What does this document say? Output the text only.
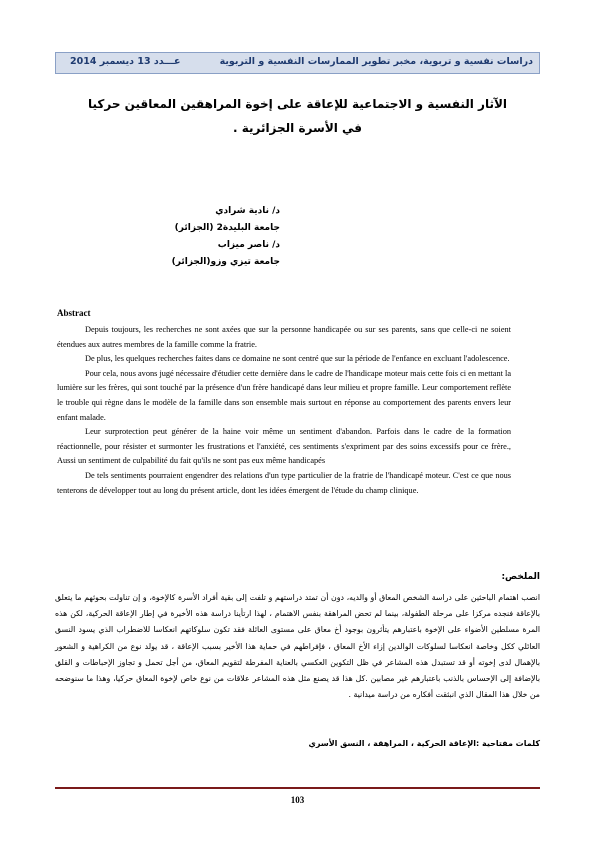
دراسات نفسية و تربوية، مخبر تطوير الممارسات النفسية و التربوية
عـــدد 13 ديسمبر 2014
الآثار النفسية و الاجتماعية للإعاقة على إخوة المراهقين المعاقين حركيا
في الأسرة الجزائرية .
د/ نادية شرادي
جامعة البليدة2 (الجزائر)
د/ ناصر ميزاب
جامعة تيزي وزو(الجزائر)
Abstract

Depuis toujours, les recherches ne sont axées que sur la personne handicapée ou sur ses parents, sans que celle-ci ne soient étendues aux autres membres de la famille comme la fratrie.

De plus, les quelques recherches faites dans ce domaine ne sont centré que sur la période de l'enfance en excluant l'adolescence.

Pour cela, nous avons jugé nécessaire d'étudier cette dernière dans le cadre de l'handicape moteur mais cette fois ci en mettant la lumière sur les frères, qui sont touché par la présence d'un frère handicapé dans leur milieu et propre famille. Leur comportement reflète le trouble qui règne dans le modèle de la famille dans son ensemble mais surtout en réponse au comportement des parents envers leur enfant malade.

Leur surprotection peut générer de la haine voir même un sentiment d'abandon. Parfois dans le cadre de la formation réactionnelle, pour résister et surmonter les frustrations et l'anxiété, ces sentiments s'expriment par des soins excessifs pour ce frère., Aussi un sentiment de culpabilité du fait qu'ils ne sont pas eux même handicapés

De tels sentiments pourraient engendrer des relations d'un type particulier de la fratrie de l'handicapé moteur. C'est ce que nous tenterons de développer tout au long du présent article, dont les idées émergent de l'étude du champ clinique.

الملخص:

انصب اهتمام الباحثين على دراسة الشخص المعاق أو والديه، دون أن تمتد دراستهم و تلفت إلى بقية أفراد الأسرة كالإخوة، و إن تناولت بحوثهم ما يتعلق بالإعاقة فنجده مركزا على مرحلة الطفولة، بينما لم تحض المراهقة بنفس الاهتمام ، لهذا ارتأينا دراسة هذه الأخيرة في إطار الإعاقة الحركية، لكن هذه المرة مسلطين الأضواء على الإخوة باعتبارهم يتأثرون بوجود أخ معاق على مستوى العائلة فقد تكون سلوكاتهم انعكاسا للاضطراب الذي يسود النسق العائلي ككل وخاصة انعكاسا لسلوكات الوالدين إزاء الأخ المعاق ، فإفراطهم في حماية هذا الأخير بسبب الإعاقة ، قد يولد نوع من الكراهية و الشعور بالإهمال لدى إخوته أو قد تستبدل هذه المشاعر في ظل التكوين العكسي بالعناية المفرطة لتقويم المعاق، من أجل تحمل و تجاوز الإحباطات و القلق بالإضافة إلى الإحساس بالذنب باعتبارهم غير مصابين .كل هذا قد يصنع مثل هذه المشاعر علاقات من نوع خاص لإخوة المعاق حركيا، وهذا ما سنوضحه من خلال هذا المقال الذي انبثقت أفكاره من دراسة ميدانية .

كلمات مفتاحية :الإعاقة الحركية ، المراهقة ، النسق الأسري
103
